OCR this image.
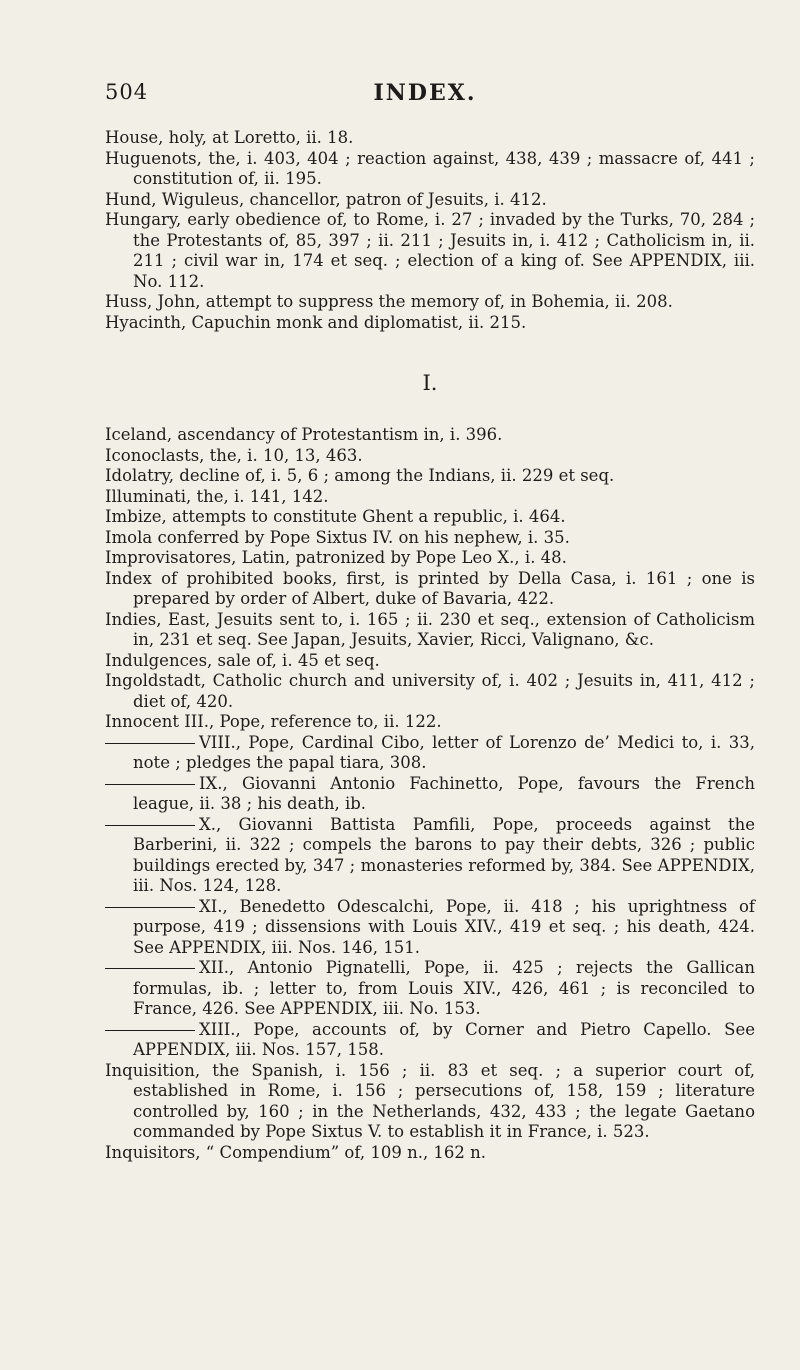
504	INDEX.

House, holy, at Loretto, ii. 18.

Huguenots, the, i. 403, 404 ; reaction against, 438, 439 ; massacre of, 441 ; constitution of, ii. 195.

Hund, Wiguleus, chancellor, patron of Jesuits, i. 412.

Hungary, early obedience of, to Rome, i. 27 ; invaded by the Turks, 70, 284 ; the Protestants of, 85, 397 ; ii. 211 ; Jesuits in, i. 412 ; Catholicism in, ii. 211 ; civil war in, 174 et seq. ; election of a king of. See APPENDIX, iii. No. 112.

Huss, John, attempt to suppress the memory of, in Bohemia, ii. 208.

Hyacinth, Capuchin monk and diplomatist, ii. 215.

I.

Iceland, ascendancy of Protestantism in, i. 396.

Iconoclasts, the, i. 10, 13, 463.

Idolatry, decline of, i. 5, 6 ; among the Indians, ii. 229 et seq.

Illuminati, the, i. 141, 142.

Imbize, attempts to constitute Ghent a republic, i. 464.

Imola conferred by Pope Sixtus IV. on his nephew, i. 35.

Improvisatores, Latin, patronized by Pope Leo X., i. 48.

Index of prohibited books, first, is printed by Della Casa, i. 161 ; one is prepared by order of Albert, duke of Bavaria, 422.

Indies, East, Jesuits sent to, i. 165 ; ii. 230 et seq., extension of Catholicism in, 231 et seq. See Japan, Jesuits, Xavier, Ricci, Valignano, &c.

Indulgences, sale of, i. 45 et seq.

Ingoldstadt, Catholic church and university of, i. 402 ; Jesuits in, 411, 412 ; diet of, 420.

Innocent III., Pope, reference to, ii. 122.

VIII., Pope, Cardinal Cibo, letter of Lorenzo de’ Medici to, i. 33, note ; pledges the papal tiara, 308.

IX., Giovanni Antonio Fachinetto, Pope, favours the French league, ii. 38 ; his death, ib.

X., Giovanni Battista Pamfili, Pope, proceeds against the Barberini, ii. 322 ; compels the barons to pay their debts, 326 ; public buildings erected by, 347 ; monasteries reformed by, 384. See APPENDIX, iii. Nos. 124, 128.

XI., Benedetto Odescalchi, Pope, ii. 418 ; his uprightness of purpose, 419 ; dissensions with Louis XIV., 419 et seq. ; his death, 424. See APPENDIX, iii. Nos. 146, 151.

XII., Antonio Pignatelli, Pope, ii. 425 ; rejects the Gallican formulas, ib. ; letter to, from Louis XIV., 426, 461 ; is reconciled to France, 426. See APPENDIX, iii. No. 153.

XIII., Pope, accounts of, by Corner and Pietro Capello. See APPENDIX, iii. Nos. 157, 158.

Inquisition, the Spanish, i. 156 ; ii. 83 et seq. ; a superior court of, established in Rome, i. 156 ; persecutions of, 158, 159 ; literature controlled by, 160 ; in the Netherlands, 432, 433 ; the legate Gaetano commanded by Pope Sixtus V. to establish it in France, i. 523.

Inquisitors, “ Compendium” of, 109 n., 162 n.
